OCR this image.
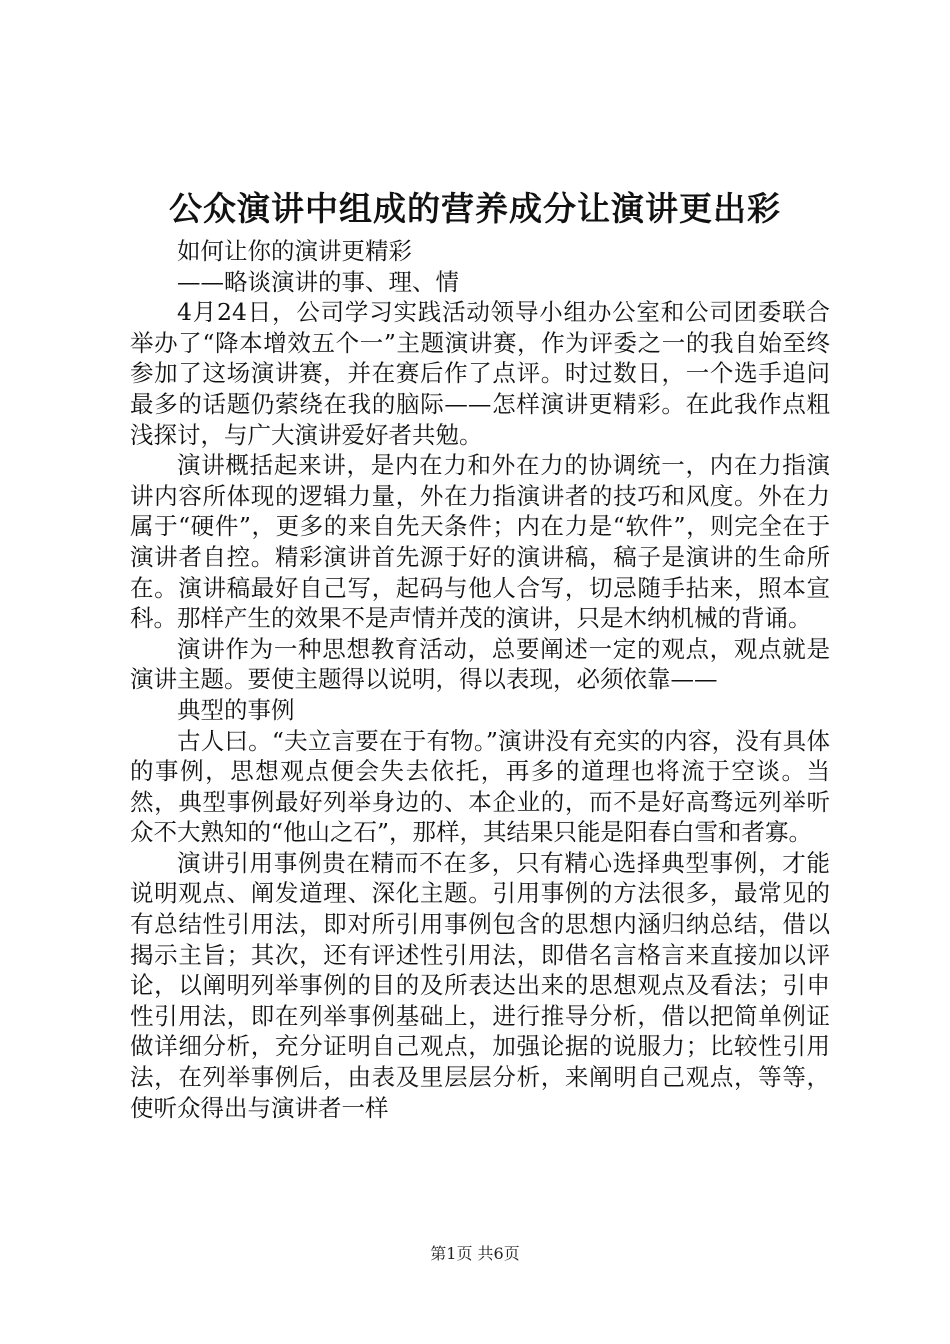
公众演讲中组成的营养成分让演讲更出彩

如何让你的演讲更精彩

——略谈演讲的事、理、情

4月24日，公司学习实践活动领导小组办公室和公司团委联合举办了“降本增效五个一”主题演讲赛，作为评委之一的我自始至终参加了这场演讲赛，并在赛后作了点评。时过数日，一个选手追问最多的话题仍萦绕在我的脑际——怎样演讲更精彩。在此我作点粗浅探讨，与广大演讲爱好者共勉。

演讲概括起来讲，是内在力和外在力的协调统一，内在力指演讲内容所体现的逻辑力量，外在力指演讲者的技巧和风度。外在力属于“硬件”，更多的来自先天条件；内在力是“软件”，则完全在于演讲者自控。精彩演讲首先源于好的演讲稿，稿子是演讲的生命所在。演讲稿最好自己写，起码与他人合写，切忌随手拈来，照本宣科。那样产生的效果不是声情并茂的演讲，只是木纳机械的背诵。

演讲作为一种思想教育活动，总要阐述一定的观点，观点就是演讲主题。要使主题得以说明，得以表现，必须依靠——

典型的事例

古人曰。“夫立言要在于有物。”演讲没有充实的内容，没有具体的事例，思想观点便会失去依托，再多的道理也将流于空谈。当然，典型事例最好列举身边的、本企业的，而不是好高骛远列举听众不大熟知的“他山之石”，那样，其结果只能是阳春白雪和者寡。

演讲引用事例贵在精而不在多，只有精心选择典型事例，才能说明观点、阐发道理、深化主题。引用事例的方法很多，最常见的有总结性引用法，即对所引用事例包含的思想内涵归纳总结，借以揭示主旨；其次，还有评述性引用法，即借名言格言来直接加以评论，以阐明列举事例的目的及所表达出来的思想观点及看法；引申性引用法，即在列举事例基础上，进行推导分析，借以把简单例证做详细分析，充分证明自己观点，加强论据的说服力；比较性引用法，在列举事例后，由表及里层层分析，来阐明自己观点，等等，使听众得出与演讲者一样

第1页 共6页
